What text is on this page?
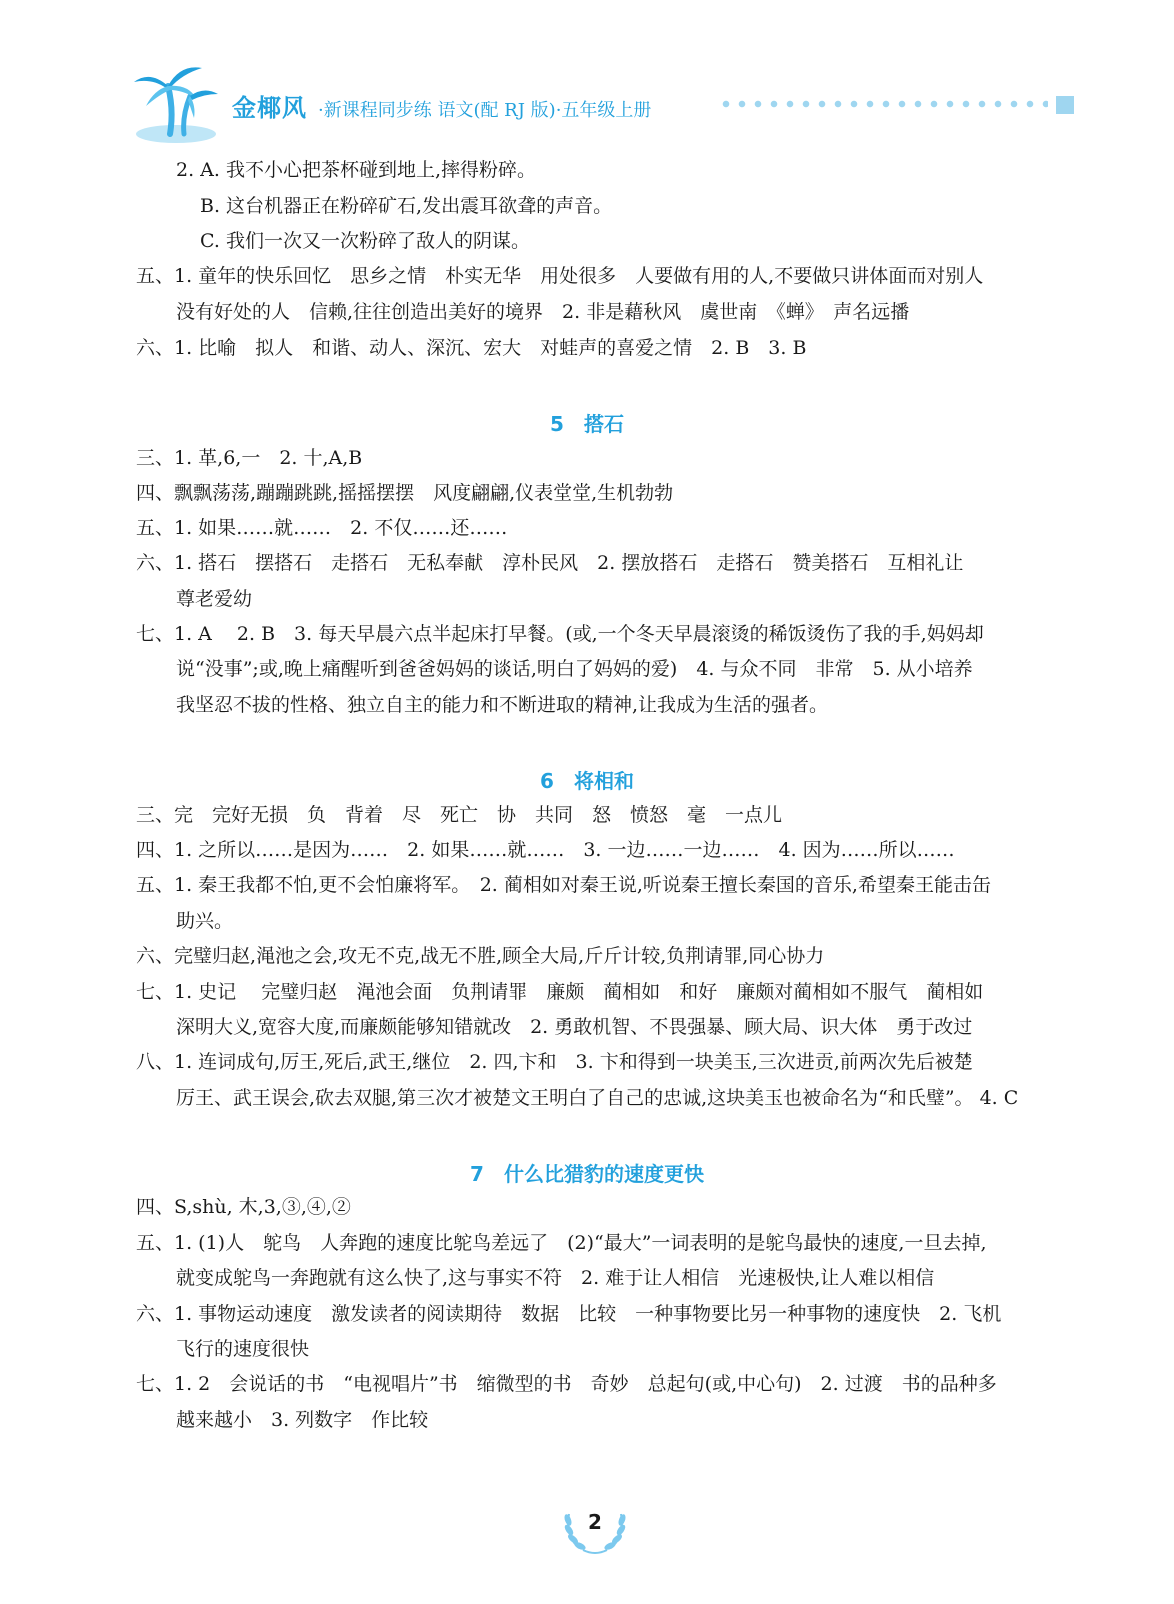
金椰风 ·新课程同步练 语文(配 RJ 版)·五年级上册
2. A. 我不小心把茶杯碰到地上,摔得粉碎。
B. 这台机器正在粉碎矿石,发出震耳欲聋的声音。
C. 我们一次又一次粉碎了敌人的阴谋。
五、1. 童年的快乐回忆　思乡之情　朴实无华　用处很多　人要做有用的人,不要做只讲体面而对别人
没有好处的人　信赖,往往创造出美好的境界　2. 非是藉秋风　虞世南　《蝉》　声名远播
六、1. 比喻　拟人　和谐、动人、深沉、宏大　对蛙声的喜爱之情　2. B　3. B
5　搭石
三、1. 革,6,一　2. 十,A,B
四、飘飘荡荡,蹦蹦跳跳,摇摇摆摆　风度翩翩,仪表堂堂,生机勃勃
五、1. 如果……就……　2. 不仅……还……
六、1. 搭石　摆搭石　走搭石　无私奉献　淳朴民风　2. 摆放搭石　走搭石　赞美搭石　互相礼让
尊老爱幼
七、1. A　 2. B　3. 每天早晨六点半起床打早餐。(或,一个冬天早晨滚烫的稀饭烫伤了我的手,妈妈却
说“没事”;或,晚上痛醒听到爸爸妈妈的谈话,明白了妈妈的爱)　4. 与众不同　非常　5. 从小培养
我坚忍不拔的性格、独立自主的能力和不断进取的精神,让我成为生活的强者。
6　将相和
三、完　完好无损　负　背着　尽　死亡　协　共同　怒　愤怒　毫　一点儿
四、1. 之所以……是因为……　2. 如果……就……　3. 一边……一边……　4. 因为……所以……
五、1. 秦王我都不怕,更不会怕廉将军。　2. 蔺相如对秦王说,听说秦王擅长秦国的音乐,希望秦王能击缶
助兴。
六、完璧归赵,渑池之会,攻无不克,战无不胜,顾全大局,斤斤计较,负荆请罪,同心协力
七、1. 史记　 完璧归赵　渑池会面　负荆请罪　廉颇　蔺相如　和好　廉颇对蔺相如不服气　蔺相如
深明大义,宽容大度,而廉颇能够知错就改　2. 勇敢机智、不畏强暴、顾大局、识大体　勇于改过
八、1. 连词成句,厉王,死后,武王,继位　2. 四,卞和　3. 卞和得到一块美玉,三次进贡,前两次先后被楚
厉王、武王误会,砍去双腿,第三次才被楚文王明白了自己的忠诚,这块美玉也被命名为“和氏璧”。 4. C
7　什么比猎豹的速度更快
四、S,shù, 木,3,③,④,②
五、1. (1)人　鸵鸟　人奔跑的速度比鸵鸟差远了　(2)“最大”一词表明的是鸵鸟最快的速度,一旦去掉,
就变成鸵鸟一奔跑就有这么快了,这与事实不符　2. 难于让人相信　光速极快,让人难以相信
六、1. 事物运动速度　激发读者的阅读期待　数据　比较　一种事物要比另一种事物的速度快　2. 飞机
飞行的速度很快
七、1. 2　会说话的书　“电视唱片”书　缩微型的书　奇妙　总起句(或,中心句)　2. 过渡　书的品种多
越来越小　3. 列数字　作比较
2
